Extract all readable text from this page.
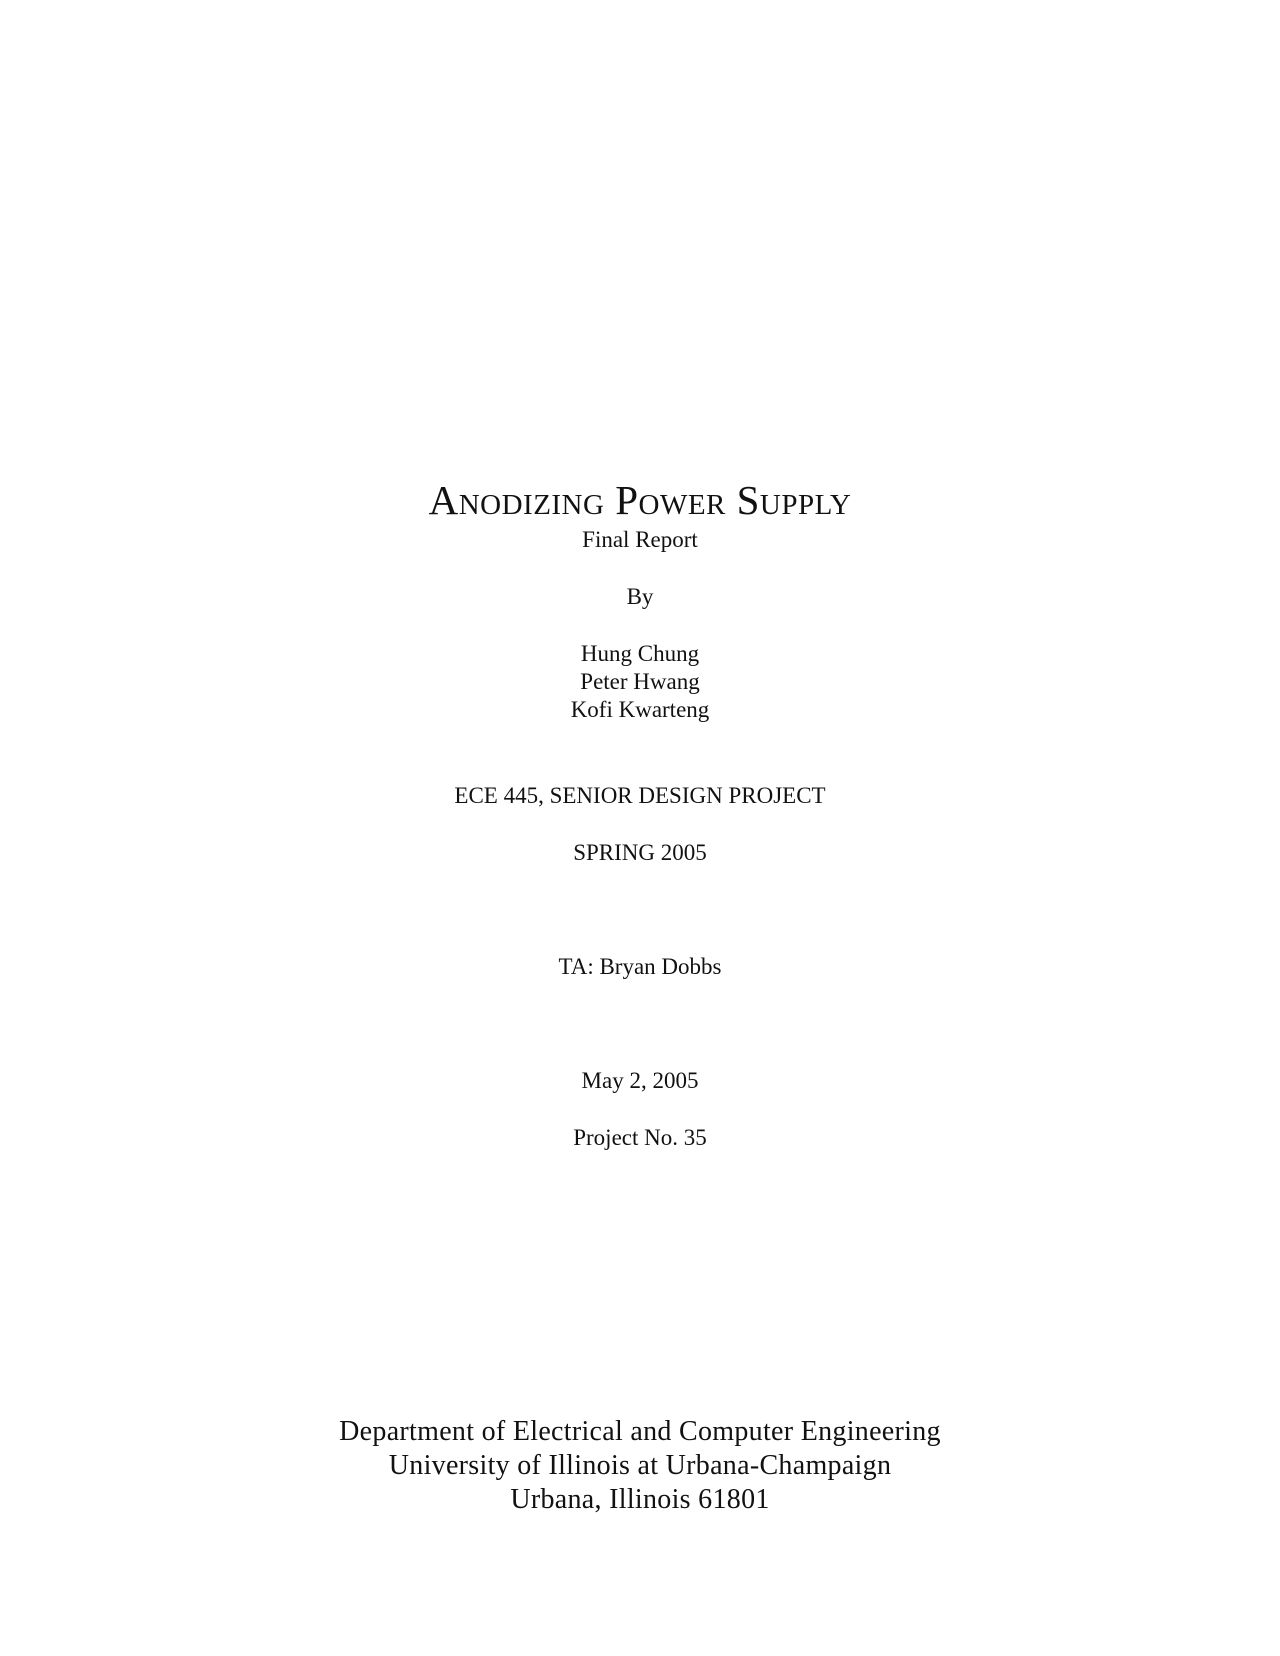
Anodizing Power Supply
Final Report
By
Hung Chung
Peter Hwang
Kofi Kwarteng
ECE 445, SENIOR DESIGN PROJECT
SPRING 2005
TA: Bryan Dobbs
May 2, 2005
Project No. 35
Department of Electrical and Computer Engineering
University of Illinois at Urbana-Champaign
Urbana, Illinois 61801
